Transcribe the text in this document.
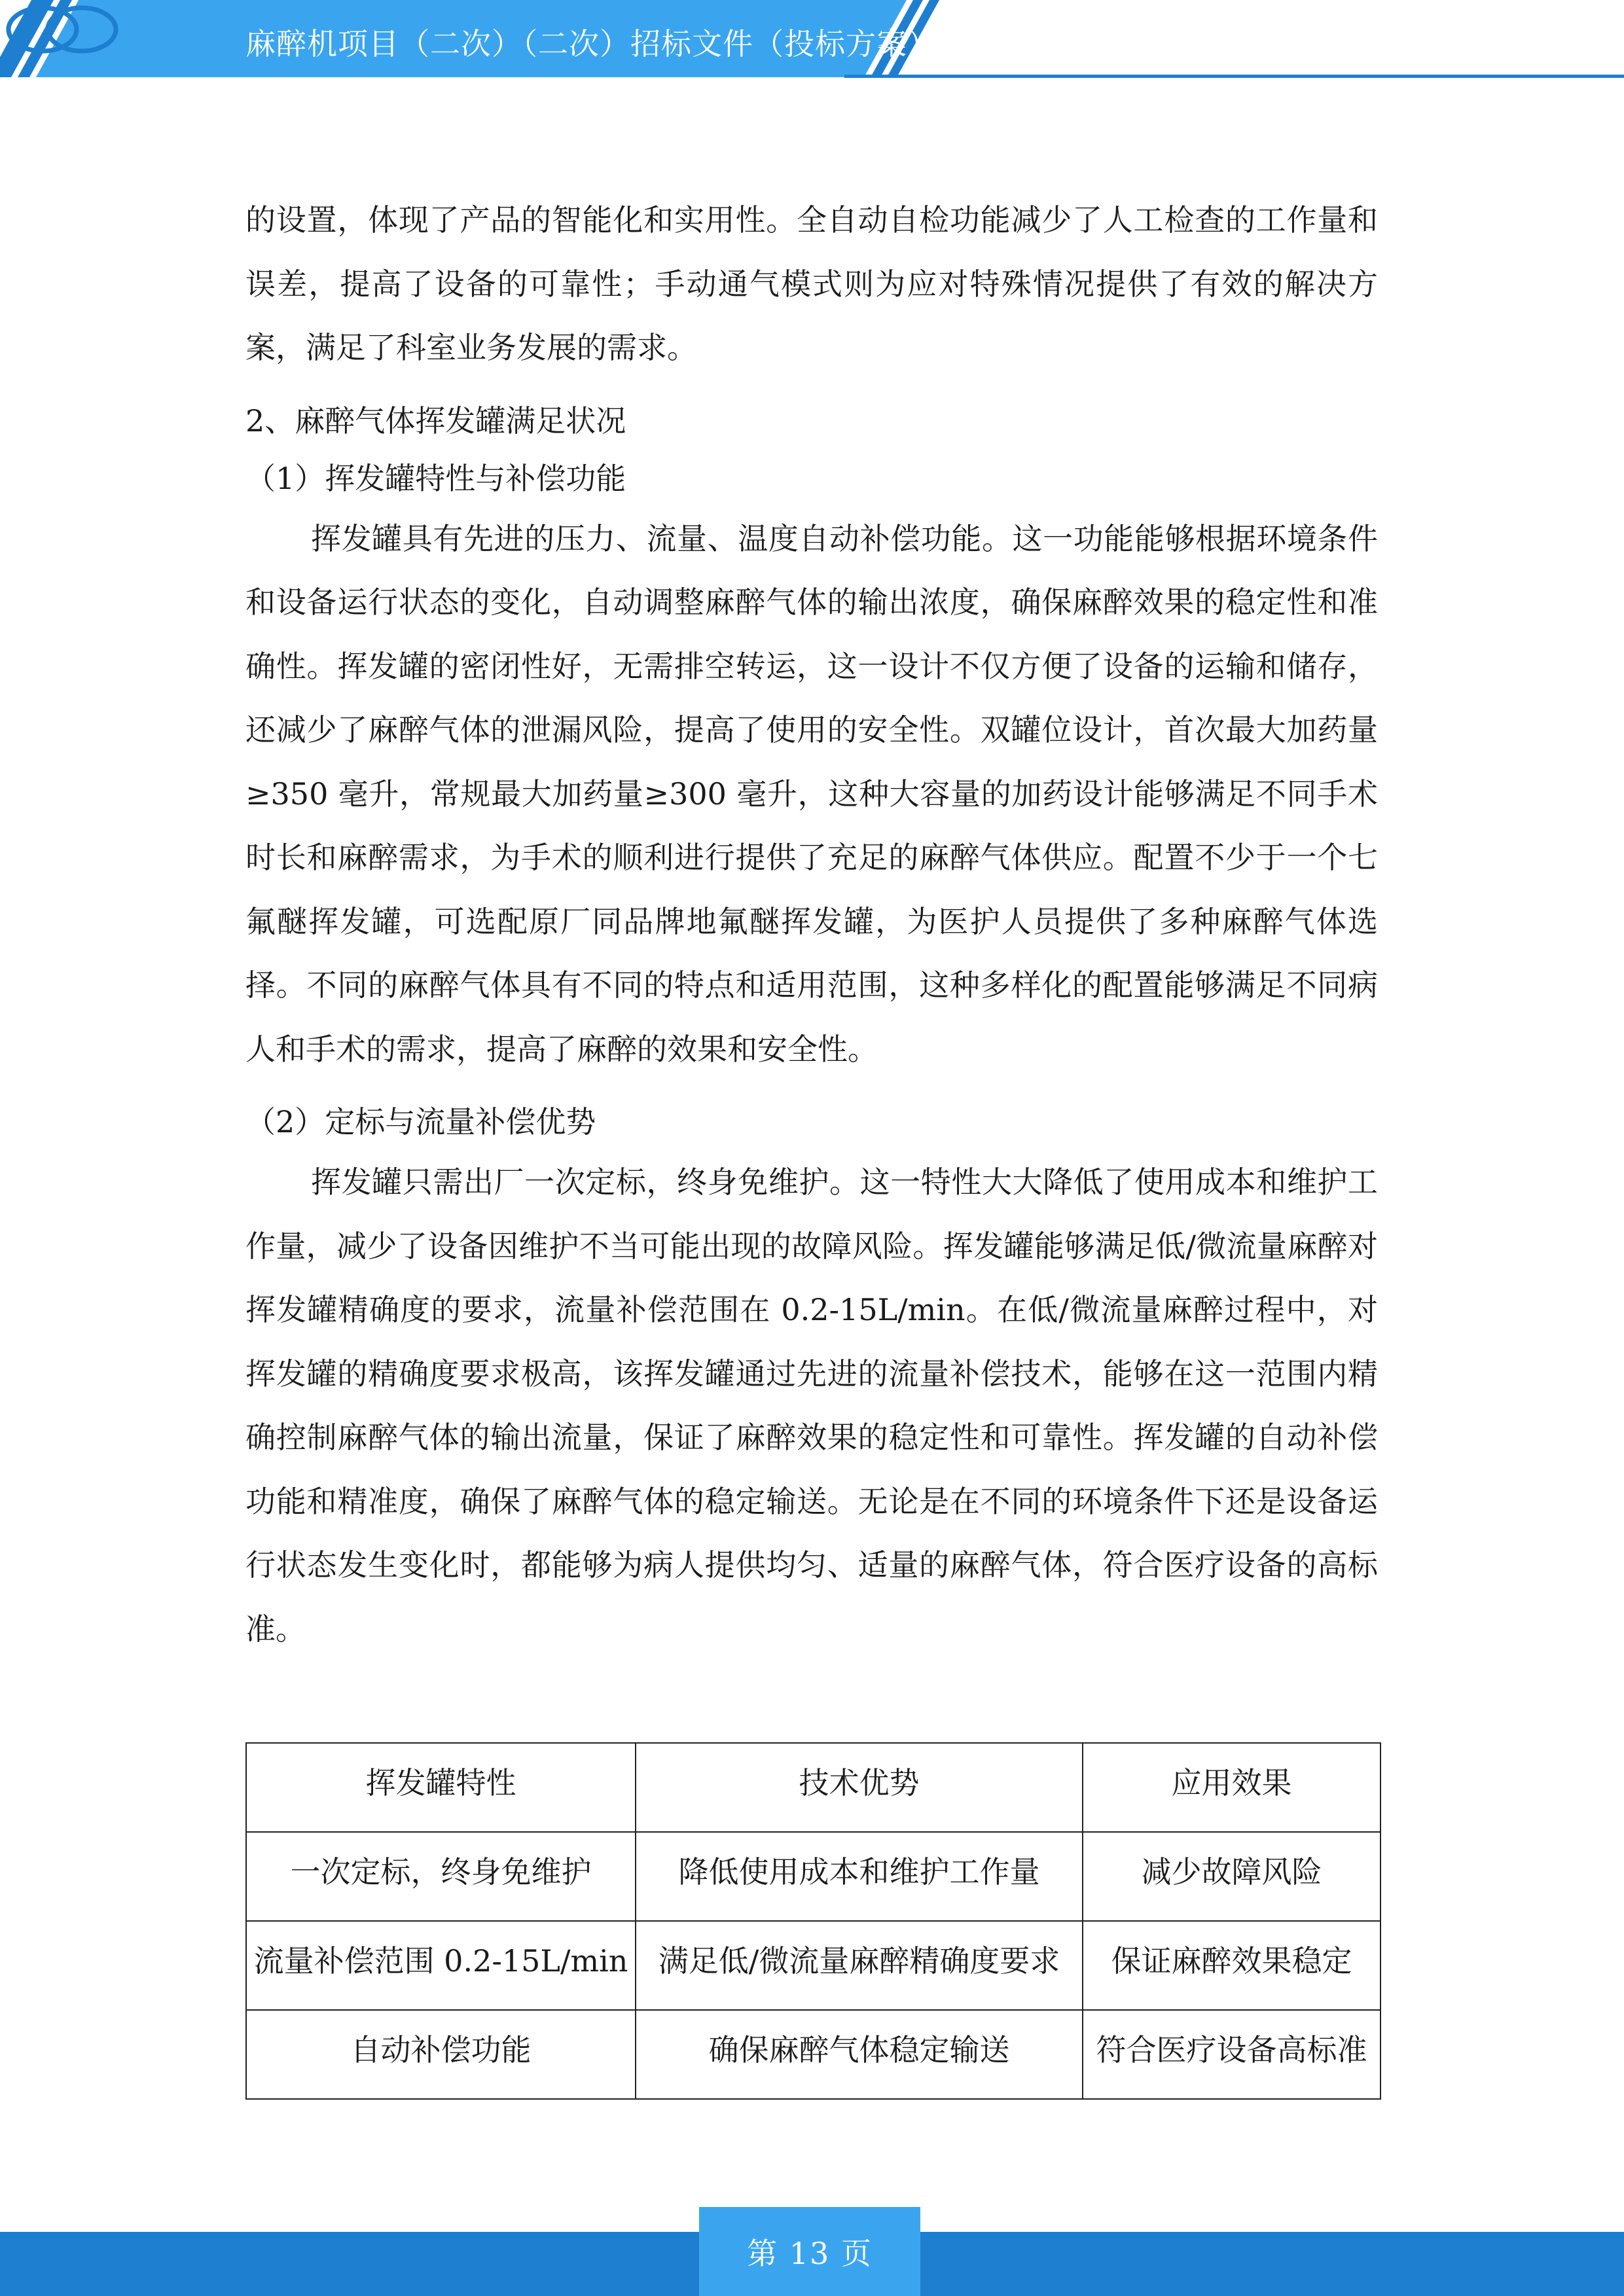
麻醉机项目（二次）（二次）招标文件（投标方案）

的设置，体现了产品的智能化和实用性。全自动自检功能减少了人工检查的工作量和误差，提高了设备的可靠性；手动通气模式则为应对特殊情况提供了有效的解决方案，满足了科室业务发展的需求。

2、麻醉气体挥发罐满足状况

（1）挥发罐特性与补偿功能

挥发罐具有先进的压力、流量、温度自动补偿功能。这一功能能够根据环境条件和设备运行状态的变化，自动调整麻醉气体的输出浓度，确保麻醉效果的稳定性和准确性。挥发罐的密闭性好，无需排空转运，这一设计不仅方便了设备的运输和储存，还减少了麻醉气体的泄漏风险，提高了使用的安全性。双罐位设计，首次最大加药量≥350 毫升，常规最大加药量≥300 毫升，这种大容量的加药设计能够满足不同手术时长和麻醉需求，为手术的顺利进行提供了充足的麻醉气体供应。配置不少于一个七氟醚挥发罐，可选配原厂同品牌地氟醚挥发罐，为医护人员提供了多种麻醉气体选择。不同的麻醉气体具有不同的特点和适用范围，这种多样化的配置能够满足不同病人和手术的需求，提高了麻醉的效果和安全性。

（2）定标与流量补偿优势

挥发罐只需出厂一次定标，终身免维护。这一特性大大降低了使用成本和维护工作量，减少了设备因维护不当可能出现的故障风险。挥发罐能够满足低/微流量麻醉对挥发罐精确度的要求，流量补偿范围在 0.2-15L/min。在低/微流量麻醉过程中，对挥发罐的精确度要求极高，该挥发罐通过先进的流量补偿技术，能够在这一范围内精确控制麻醉气体的输出流量，保证了麻醉效果的稳定性和可靠性。挥发罐的自动补偿功能和精准度，确保了麻醉气体的稳定输送。无论是在不同的环境条件下还是设备运行状态发生变化时，都能够为病人提供均匀、适量的麻醉气体，符合医疗设备的高标准。

挥发罐特性	技术优势	应用效果
一次定标，终身免维护	降低使用成本和维护工作量	减少故障风险
流量补偿范围 0.2-15L/min	满足低/微流量麻醉精确度要求	保证麻醉效果稳定
自动补偿功能	确保麻醉气体稳定输送	符合医疗设备高标准
第 13 页
